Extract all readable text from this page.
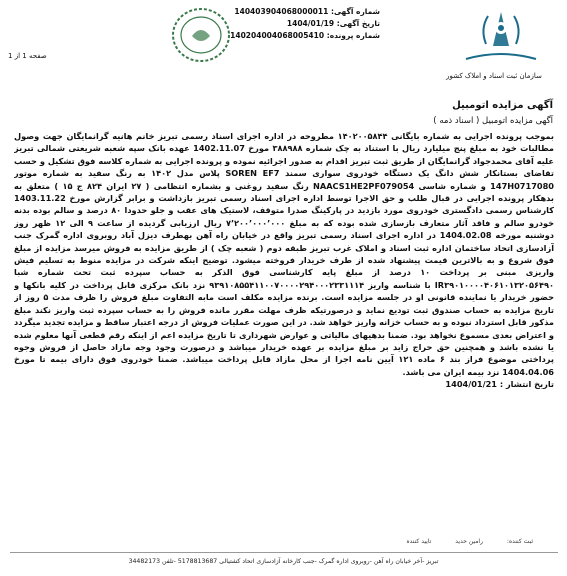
سازمان ثبت اسناد و املاک کشور
شماره آگهی: 140403904068000011
تاریخ آگهی: 1404/01/19
شماره پرونده: 140204004068005410
صفحه 1 از 1
آگهی مزایده اتومبیل
آگهی مزایده اتومبیل ( اسناد ذمه )
بموجب پرونده اجرایی به شماره بایگانی ۱۴۰۲۰۰۵۸۴۴ مطروحه در اداره اجرای اسناد رسمی تبریز خانم هانیه گرانمایگان جهت وصول مطالبات خود به مبلغ پنج میلیارد ریال با استناد به چک شماره ۳۸۸۹۸۸ مورخ 1402.11.07 عهده بانک سپه شعبه شریعتی شمالی تبریز علیه آقای محمدجواد گرانمایگان از طریق ثبت تبریز اقدام به صدور اجرائیه نموده و پرونده اجرایی به شماره کلاسه فوق تشکیل و حسب تقاضای بستانکار شش دانگ یک دستگاه خودروی سواری سمند SOREN EF7 پلاس مدل ۱۴۰۲ به رنگ سفید به شماره موتور 147H0717080 و شماره شاسی NAACS1HE2PF079054 رنگ سفید روغنی و بشماره انتظامی ( ۲۷ ایران ۸۲۴ ج ۱۵ ) متعلق به بدهکار پرونده اجرایی در قبال طلب و حق الاجرا توسط اداره اجرای اسناد رسمی تبریز بازداشت و برابر گزارش مورخ 1403.11.22 کارشناس رسمی دادگستری خودروی مورد بازدید در پارکینگ صدرا متوقف، لاستیک های عقب و جلو حدودا ۸۰ درصد و سالم بوده بدنه خودرو سالم و فاقد آثار متعارف بازسازی شده بوده که به مبلغ ۷٬۲۰۰٬۰۰۰٬۰۰۰ ریال ارزیابی گردیده از ساعت ۹ الی ۱۲ ظهر روز دوشنبه مورخه 1404.02.08 در اداره اجرای اسناد رسمی تبریز واقع در خیابان راه آهن بهطرف دیزل آباد روبروی اداره گمرک جنب آزادسازی اتحاد ساختمان اداره ثبت اسناد و املاک غرب تبریز طبقه دوم ( شعبه چک ) از طریق مزایده به فروش میرسد مزایده از مبلغ فوق شروع و به بالاترین قیمت پیشنهاد شده از طرف خریدار فروخته میشود. توضیح اینکه شرکت در مزایده منوط به تسلیم فیش واریزی مبنی بر پرداخت ۱۰ درصد از مبلغ پایه کارشناسی فوق الذکر به حساب سپرده ثبت تحت شماره شبا IR۳۹۰۱۰۰۰۰۴۰۶۱۰۱۳۲۰۵۶۴۹۰ با شناسه واریز ۹۳۹۱۰۸۵۵۴۱۱۰۰۷۰۰۰۰۲۹۴۰۰۰۲۳۳۱۱۱۴ نزد بانک مرکزی قابل پرداخت در کلیه بانکها و حضور خریدار یا نماینده قانونی او در جلسه مزایده است. برنده مزایده مکلف است مابه التفاوت مبلغ فروش را ظرف مدت ۵ روز از تاریخ مزایده به حساب صندوق ثبت تودیع نماید و درصورتیکه ظرف مهلت مقرر مانده فروش را به حساب سپرده ثبت واریز نکند مبلغ مذکور قابل استرداد نبوده و به حساب خزانه واریز خواهد شد. در این صورت عملیات فروش از درجه اعتبار ساقط و مزایده تجدید میگردد و اعتراض بعدی مسموع نخواهد بود. ضمنا بدهیهای مالیاتی و عوارض شهرداری تا تاریخ مزایده اعم از اینکه رقم قطعی آنها معلوم شده یا نشده باشد و همچنین حق حراج زاید بر مبلغ مزایده بر عهده خریدار میباشد و درصورت وجود وجه مازاد حاصل از فروش وجوه پرداختی موضوع فراز بند ۶ ماده ۱۲۱ آیین نامه اجرا از محل مازاد قابل پرداخت میباشد. ضمنا خودروی فوق دارای بیمه تا مورخ 1404.04.06 نزد بیمه ایران می باشد.
تاریخ انتشار : 1404/01/21
ثبت کننده: رامین حدید تایید کننده
تبریز -آخر خیابان راه آهن -روبروی اداره گمرک -جنب کارخانه آزادسازی اتحاد کشتیالی 5178813687 -تلفن 34482173
